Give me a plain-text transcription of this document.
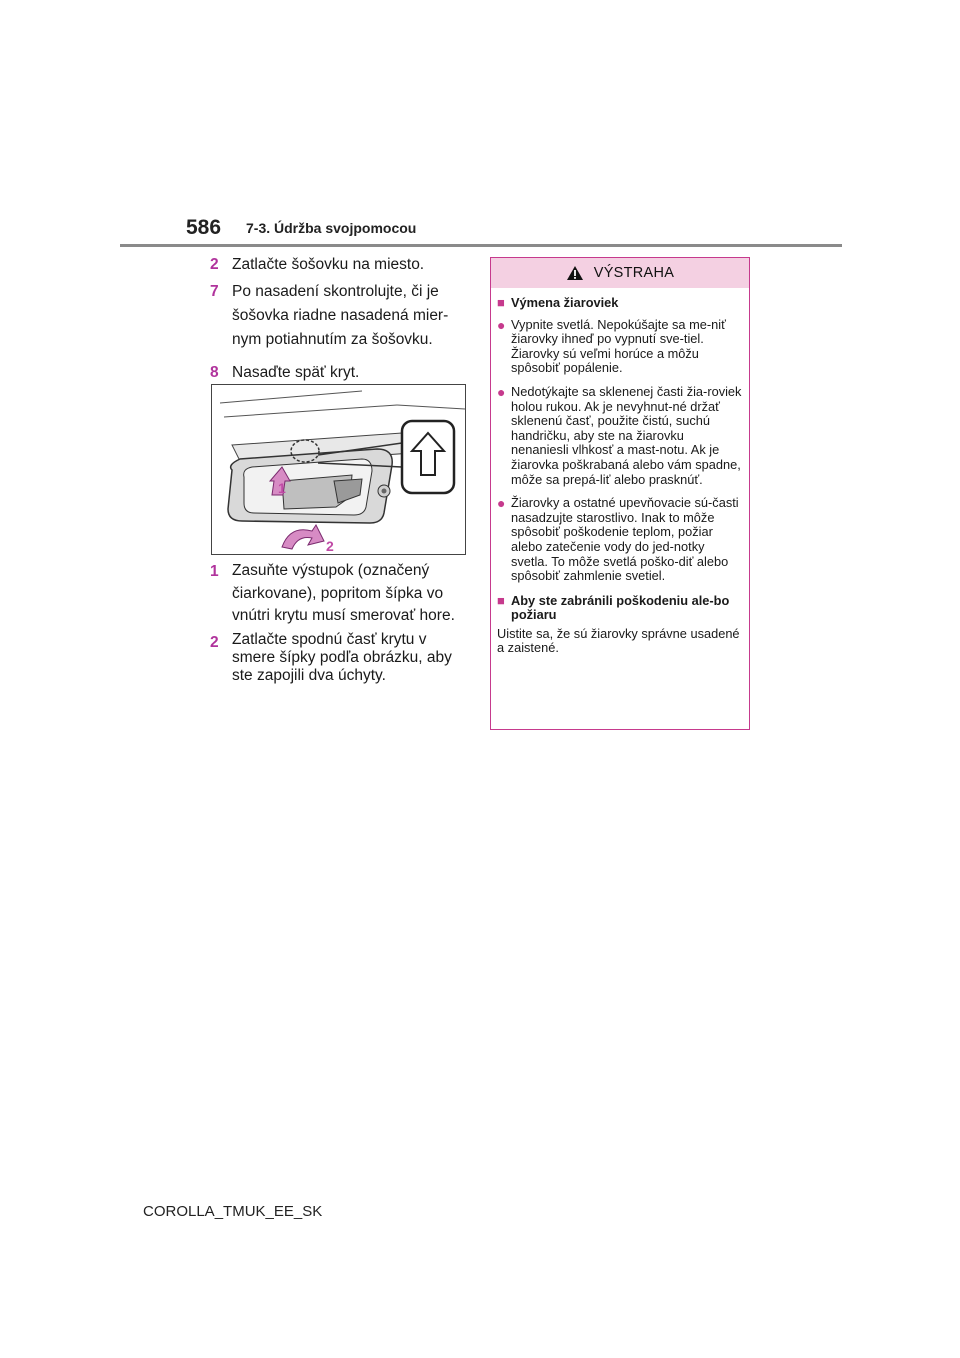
586 7-3. Údržba svojpomocou
2 Zatlačte šošovku na miesto.
7 Po nasadení skontrolujte, či je šošovka riadne nasadená mier-nym potiahnutím za šošovku.
8 Nasaďte späť kryt.
1
2
1 Zasuňte výstupok (označený čiarkovane), popritom šípka vo vnútri krytu musí smerovať hore.
2 Zatlačte spodnú časť krytu v smere šípky podľa obrázku, aby ste zapojili dva úchyty.
VÝSTRAHA
■ Výmena žiaroviek
● Vypnite svetlá. Nepokúšajte sa me-niť žiarovky ihneď po vypnutí sve-tiel. Žiarovky sú veľmi horúce a môžu spôsobiť popálenie.
● Nedotýkajte sa sklenenej časti žia-roviek holou rukou. Ak je nevyhnut-né držať sklenenú časť, použite čistú, suchú handričku, aby ste na žiarovku nenaniesli vlhkosť a mast-notu. Ak je žiarovka poškrabaná alebo vám spadne, môže sa prepá-liť alebo prasknúť.
● Žiarovky a ostatné upevňovacie sú-časti nasadzujte starostlivo. Inak to môže spôsobiť poškodenie teplom, požiar alebo zatečenie vody do jed-notky svetla. To môže svetlá poško-diť alebo spôsobiť zahmlenie svetiel.
■ Aby ste zabránili poškodeniu ale-bo požiaru
Uistite sa, že sú žiarovky správne usadené a zaistené.
COROLLA_TMUK_EE_SK
